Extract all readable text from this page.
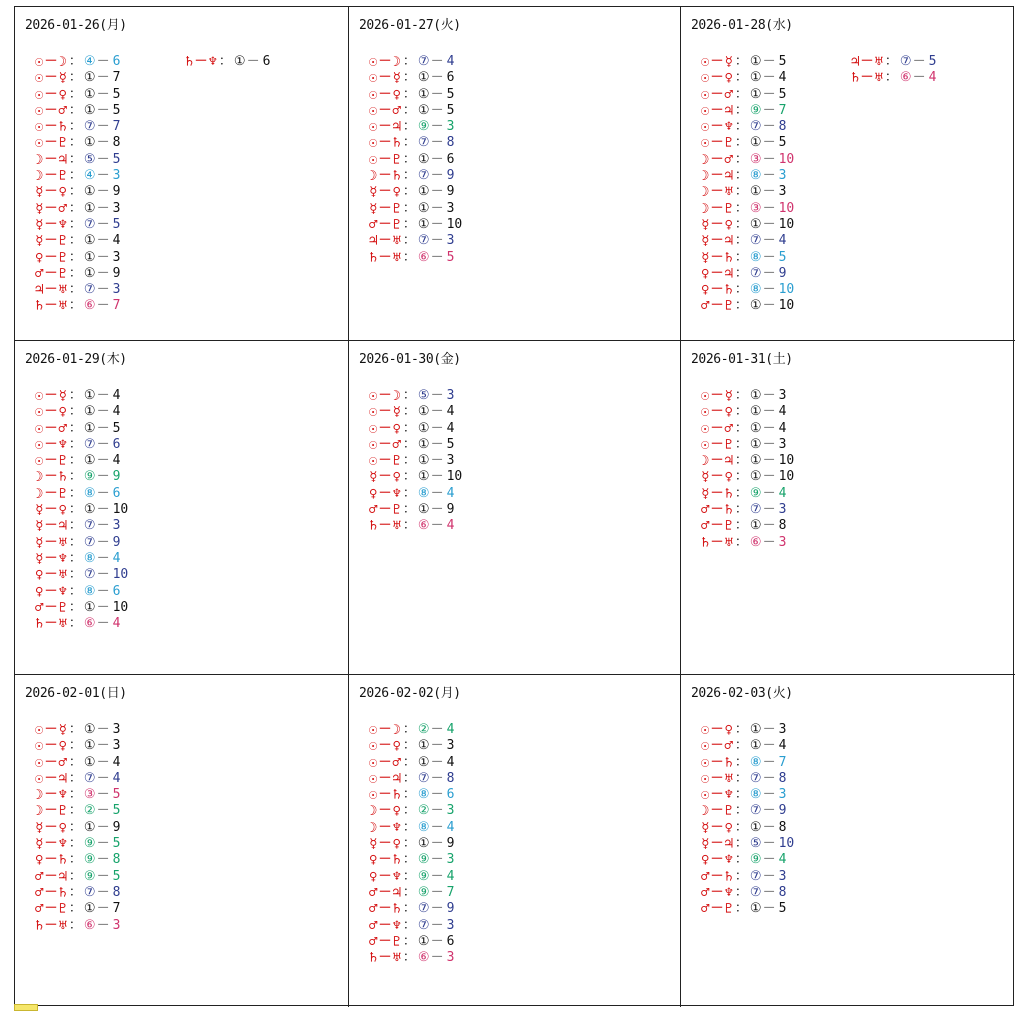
2026-01-26(月)
☉ － ☽ ： ④ － 6
☉ － ☿ ： ① － 7
☉ － ♀ ： ① － 5
☉ － ♂ ： ① － 5
☉ － ♄ ： ⑦ － 7
☉ － ♇ ： ① － 8
☽ － ♃ ： ⑤ － 5
☽ － ♇ ： ④ － 3
☿ － ♀ ： ① － 9
☿ － ♂ ： ① － 3
☿ － ♆ ： ⑦ － 5
☿ － ♇ ： ① － 4
♀ － ♇ ： ① － 3
♂ － ♇ ： ① － 9
♃ － ♅ ： ⑦ － 3
♄ － ♅ ： ⑥ － 7
♄ － ♆ ： ① － 6
2026-01-27(火)
☉ － ☽ ： ⑦ － 4
☉ － ☿ ： ① － 6
☉ － ♀ ： ① － 5
☉ － ♂ ： ① － 5
☉ － ♃ ： ⑨ － 3
☉ － ♄ ： ⑦ － 8
☉ － ♇ ： ① － 6
☽ － ♄ ： ⑦ － 9
☿ － ♀ ： ① － 9
☿ － ♇ ： ① － 3
♂ － ♇ ： ① － 10
♃ － ♅ ： ⑦ － 3
♄ － ♅ ： ⑥ － 5
2026-01-28(水)
☉ － ☿ ： ① － 5
☉ － ♀ ： ① － 4
☉ － ♂ ： ① － 5
☉ － ♃ ： ⑨ － 7
☉ － ♆ ： ⑦ － 8
☉ － ♇ ： ① － 5
☽ － ♂ ： ③ － 10
☽ － ♃ ： ⑧ － 3
☽ － ♅ ： ① － 3
☽ － ♇ ： ③ － 10
☿ － ♀ ： ① － 10
☿ － ♃ ： ⑦ － 4
☿ － ♄ ： ⑧ － 5
♀ － ♃ ： ⑦ － 9
♀ － ♄ ： ⑧ － 10
♂ － ♇ ： ① － 10
♃ － ♅ ： ⑦ － 5
♄ － ♅ ： ⑥ － 4
2026-01-29(木)
☉ － ☿ ： ① － 4
☉ － ♀ ： ① － 4
☉ － ♂ ： ① － 5
☉ － ♆ ： ⑦ － 6
☉ － ♇ ： ① － 4
☽ － ♄ ： ⑨ － 9
☽ － ♇ ： ⑧ － 6
☿ － ♀ ： ① － 10
☿ － ♃ ： ⑦ － 3
☿ － ♅ ： ⑦ － 9
☿ － ♆ ： ⑧ － 4
♀ － ♅ ： ⑦ － 10
♀ － ♆ ： ⑧ － 6
♂ － ♇ ： ① － 10
♄ － ♅ ： ⑥ － 4
2026-01-30(金)
☉ － ☽ ： ⑤ － 3
☉ － ☿ ： ① － 4
☉ － ♀ ： ① － 4
☉ － ♂ ： ① － 5
☉ － ♇ ： ① － 3
☿ － ♀ ： ① － 10
♀ － ♆ ： ⑧ － 4
♂ － ♇ ： ① － 9
♄ － ♅ ： ⑥ － 4
2026-01-31(土)
☉ － ☿ ： ① － 3
☉ － ♀ ： ① － 4
☉ － ♂ ： ① － 4
☉ － ♇ ： ① － 3
☽ － ♃ ： ① － 10
☿ － ♀ ： ① － 10
☿ － ♄ ： ⑨ － 4
♂ － ♄ ： ⑦ － 3
♂ － ♇ ： ① － 8
♄ － ♅ ： ⑥ － 3
2026-02-01(日)
☉ － ☿ ： ① － 3
☉ － ♀ ： ① － 3
☉ － ♂ ： ① － 4
☉ － ♃ ： ⑦ － 4
☽ － ♆ ： ③ － 5
☽ － ♇ ： ② － 5
☿ － ♀ ： ① － 9
☿ － ♆ ： ⑨ － 5
♀ － ♄ ： ⑨ － 8
♂ － ♃ ： ⑨ － 5
♂ － ♄ ： ⑦ － 8
♂ － ♇ ： ① － 7
♄ － ♅ ： ⑥ － 3
2026-02-02(月)
☉ － ☽ ： ② － 4
☉ － ♀ ： ① － 3
☉ － ♂ ： ① － 4
☉ － ♃ ： ⑦ － 8
☉ － ♄ ： ⑧ － 6
☽ － ♀ ： ② － 3
☽ － ♆ ： ⑧ － 4
☿ － ♀ ： ① － 9
♀ － ♄ ： ⑨ － 3
♀ － ♆ ： ⑨ － 4
♂ － ♃ ： ⑨ － 7
♂ － ♄ ： ⑦ － 9
♂ － ♆ ： ⑦ － 3
♂ － ♇ ： ① － 6
♄ － ♅ ： ⑥ － 3
2026-02-03(火)
☉ － ♀ ： ① － 3
☉ － ♂ ： ① － 4
☉ － ♄ ： ⑧ － 7
☉ － ♅ ： ⑦ － 8
☉ － ♆ ： ⑧ － 3
☽ － ♇ ： ⑦ － 9
☿ － ♀ ： ① － 8
☿ － ♃ ： ⑤ － 10
♀ － ♆ ： ⑨ － 4
♂ － ♄ ： ⑦ － 3
♂ － ♆ ： ⑦ － 8
♂ － ♇ ： ① － 5
